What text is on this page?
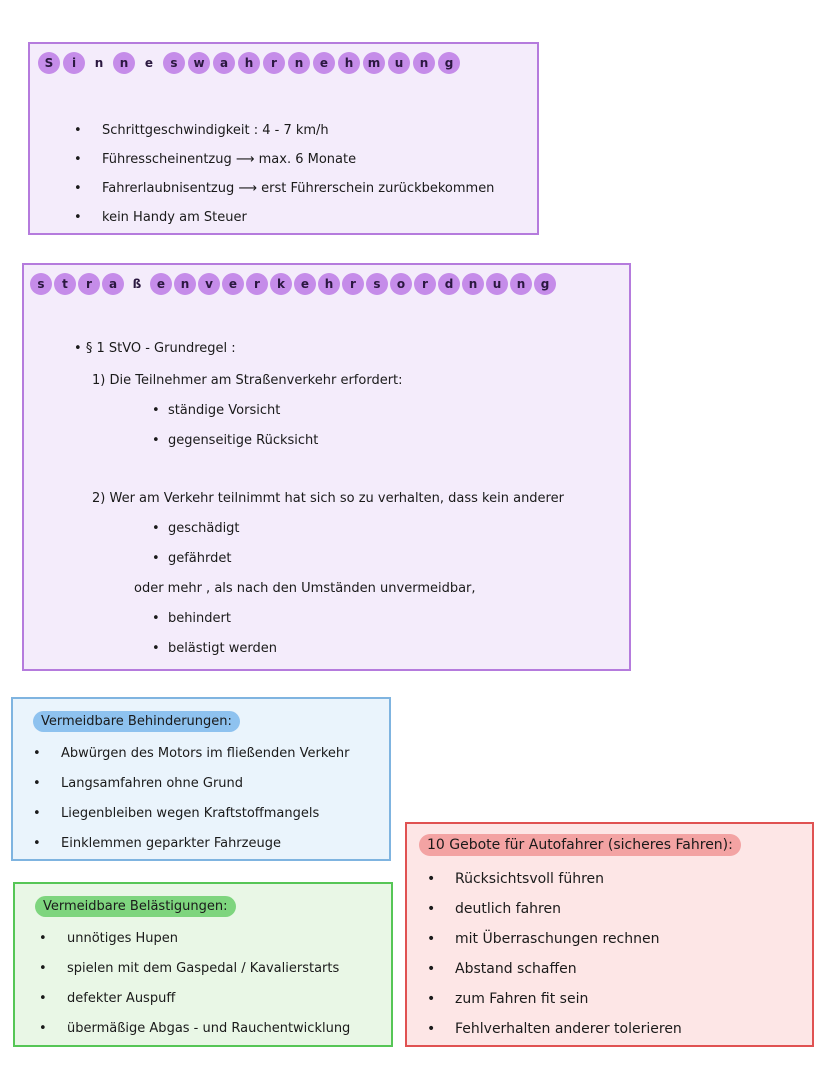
S	i	n	n	e	s	w	a	h	r	n	e	h	m	u	n	g
• Schrittgeschwindigkeit : 4 - 7 km/h
• Führesscheinentzug ⟶ max. 6 Monate
• Fahrerlaubnisentzug ⟶ erst Führerschein zurückbekommen
• kein Handy am Steuer
s	t	r	a	ß	e	n	v	e	r	k	e	h	r	s	o	r	d	n	u	n	g
• § 1 StVO - Grundregel :
1) Die Teilnehmer am Straßenverkehr erfordert:
•  ständige Vorsicht
•  gegenseitige Rücksicht
2) Wer am Verkehr teilnimmt hat sich so zu verhalten, dass kein anderer
•  geschädigt
•  gefährdet
oder mehr , als nach den Umständen unvermeidbar,
•  behindert
•  belästigt werden
Vermeidbare Behinderungen:
• Abwürgen des Motors im fließenden Verkehr
• Langsamfahren ohne Grund
• Liegenbleiben wegen Kraftstoffmangels
• Einklemmen geparkter Fahrzeuge
Vermeidbare Belästigungen:
• unnötiges Hupen
• spielen mit dem Gaspedal / Kavalierstarts
• defekter Auspuff
• übermäßige Abgas - und Rauchentwicklung
10 Gebote für Autofahrer (sicheres Fahren):
• Rücksichtsvoll führen
• deutlich fahren
• mit Überraschungen rechnen
• Abstand schaffen
• zum Fahren fit sein
• Fehlverhalten anderer tolerieren
